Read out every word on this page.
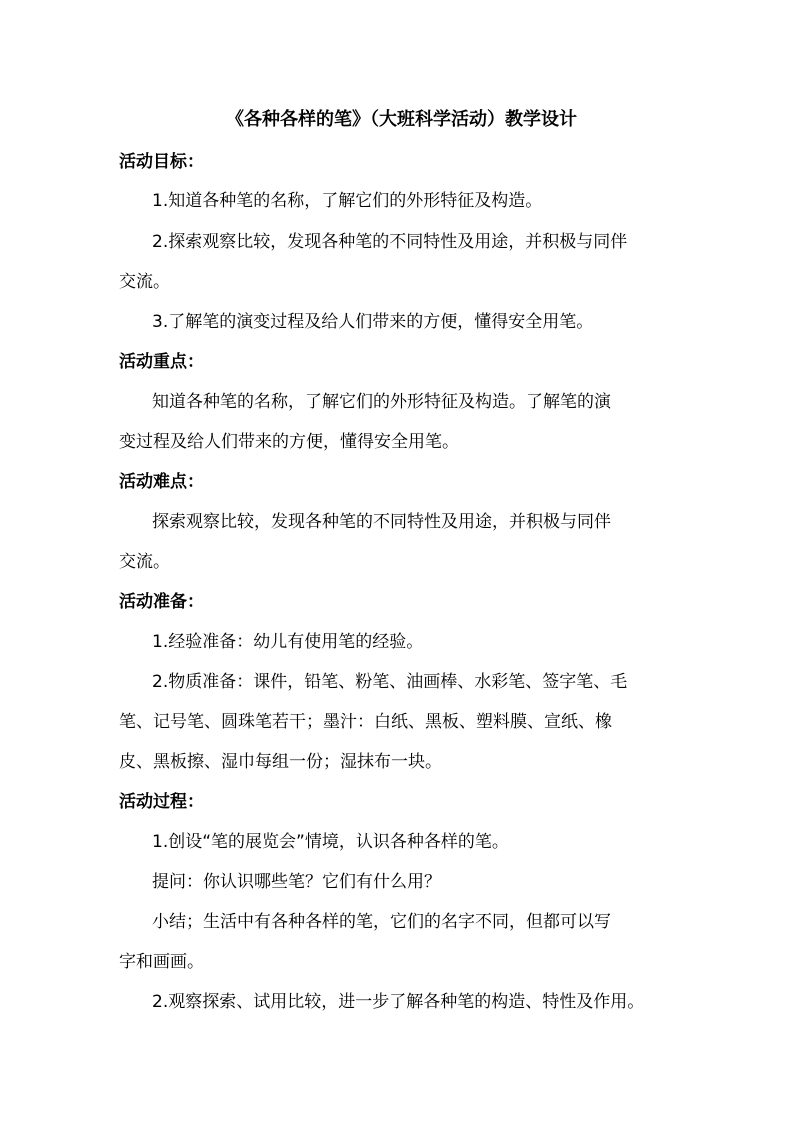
《各种各样的笔》（大班科学活动）教学设计
活动目标：
1.知道各种笔的名称，了解它们的外形特征及构造。
2.探索观察比较，发现各种笔的不同特性及用途，并积极与同伴
交流。
3.了解笔的演变过程及给人们带来的方便，懂得安全用笔。
活动重点：
知道各种笔的名称，了解它们的外形特征及构造。了解笔的演
变过程及给人们带来的方便，懂得安全用笔。
活动难点：
探索观察比较，发现各种笔的不同特性及用途，并积极与同伴
交流。
活动准备：
1.经验准备：幼儿有使用笔的经验。
2.物质准备：课件，铅笔、粉笔、油画棒、水彩笔、签字笔、毛
笔、记号笔、圆珠笔若干；墨汁：白纸、黑板、塑料膜、宣纸、橡
皮、黑板擦、湿巾每组一份；湿抹布一块。
活动过程：
1.创设“笔的展览会”情境，认识各种各样的笔。
提问：你认识哪些笔？它们有什么用？
小结；生活中有各种各样的笔，它们的名字不同，但都可以写
字和画画。
2.观察探索、试用比较，进一步了解各种笔的构造、特性及作用。
